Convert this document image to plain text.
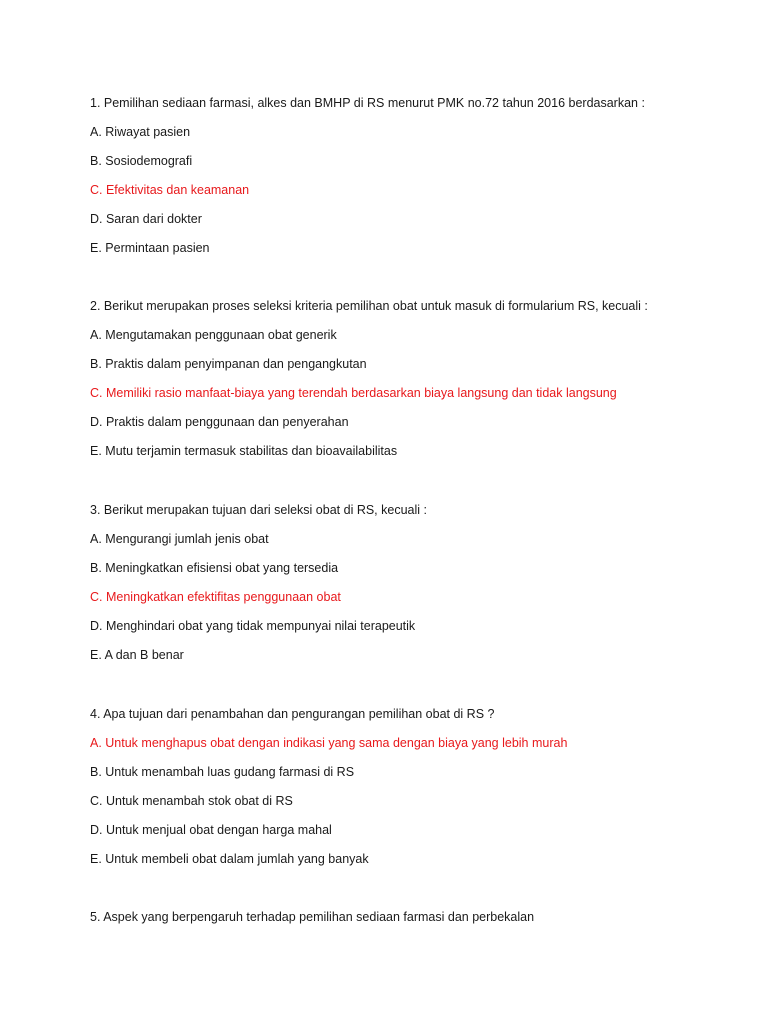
1. Pemilihan sediaan farmasi, alkes dan BMHP di RS menurut PMK no.72 tahun 2016 berdasarkan :
A. Riwayat pasien
B. Sosiodemografi
C. Efektivitas dan keamanan
D. Saran dari dokter
E. Permintaan pasien
2. Berikut merupakan proses seleksi kriteria pemilihan obat untuk masuk di formularium RS, kecuali :
A. Mengutamakan penggunaan obat generik
B. Praktis dalam penyimpanan dan pengangkutan
C. Memiliki rasio manfaat-biaya yang terendah berdasarkan biaya langsung dan tidak langsung
D. Praktis dalam penggunaan dan penyerahan
E. Mutu terjamin termasuk stabilitas dan bioavailabilitas
3. Berikut merupakan tujuan dari seleksi obat di RS, kecuali :
A. Mengurangi jumlah jenis obat
B. Meningkatkan efisiensi obat yang tersedia
C. Meningkatkan efektifitas penggunaan obat
D. Menghindari obat yang tidak mempunyai nilai terapeutik
E. A dan B benar
4. Apa tujuan dari penambahan dan pengurangan pemilihan obat di RS ?
A. Untuk menghapus obat dengan indikasi yang sama dengan biaya yang lebih murah
B. Untuk menambah luas gudang farmasi di RS
C. Untuk menambah stok obat di RS
D. Untuk menjual obat dengan harga mahal
E. Untuk membeli obat dalam jumlah yang banyak
5. Aspek yang berpengaruh terhadap pemilihan sediaan farmasi dan perbekalan
